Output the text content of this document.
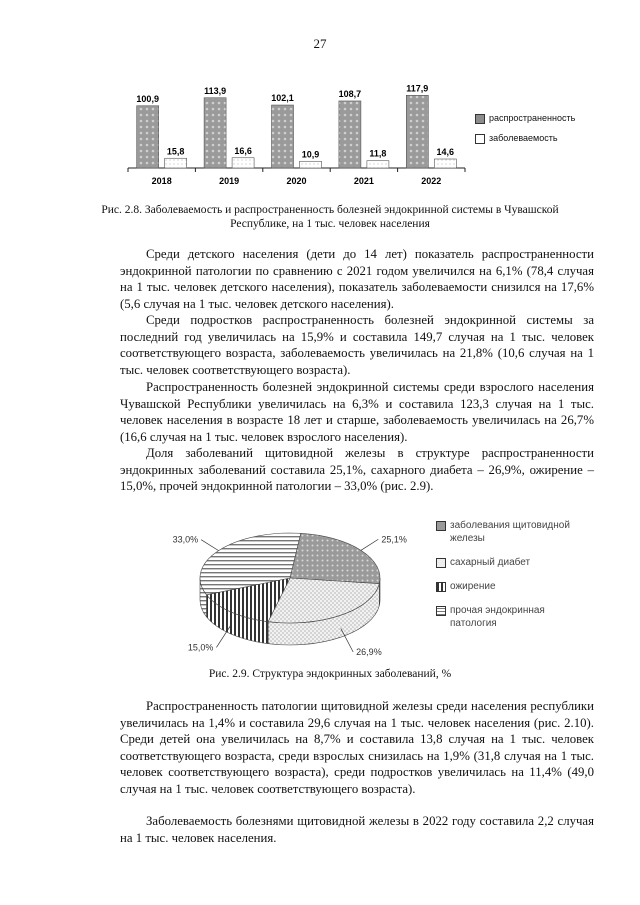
27
100,9
15,8
2018
113,9
16,6
2019
102,1
10,9
2020
108,7
11,8
2021
117,9
14,6
2022
распространенность
заболеваемость
Рис. 2.8. Заболеваемость и распространенность болезней эндокринной системы в Чувашской Республике, на 1 тыс. человек населения
Среди детского населения (дети до 14 лет) показатель распространенности эндокринной патологии по сравнению с 2021 годом увеличился на 6,1% (78,4 случая на 1 тыс. человек детского населения), показатель заболеваемости снизился на 17,6% (5,6 случая на 1 тыс. человек детского населения).
Среди подростков распространенность болезней эндокринной системы за последний год увеличилась на 15,9% и составила 149,7 случая на 1 тыс. человек соответствующего возраста, заболеваемость увеличилась на 21,8% (10,6 случая на 1 тыс. человек соответствующего возраста).
Распространенность болезней эндокринной системы среди взрослого населения Чувашской Республики увеличилась на 6,3% и составила 123,3 случая на 1 тыс. человек населения в возрасте 18 лет и старше, заболеваемость увеличилась на 26,7% (16,6 случая на 1 тыс. человек взрослого населения).
Доля заболеваний щитовидной железы в структуре распространенности эндокринных заболеваний составила 25,1%, сахарного диабета – 26,9%, ожирение – 15,0%, прочей эндокринной патологии – 33,0% (рис. 2.9).
25,1%
26,9%
15,0%
33,0%
заболевания щитовидной железы
сахарный диабет
ожирение
прочая эндокринная патология
Рис. 2.9. Структура эндокринных заболеваний, %
Распространенность патологии щитовидной железы среди населения республики увеличилась на 1,4% и составила 29,6 случая на 1 тыс. человек населения (рис. 2.10). Среди детей она увеличилась на 8,7% и составила 13,8 случая на 1 тыс. человек соответствующего возраста, среди взрослых снизилась на 1,9% (31,8 случая на 1 тыс. человек соответствующего возраста), среди подростков увеличилась на 11,4% (49,0 случая на 1 тыс. человек соответствующего возраста).
Заболеваемость болезнями щитовидной железы в 2022 году составила 2,2 случая на 1 тыс. человек населения.
